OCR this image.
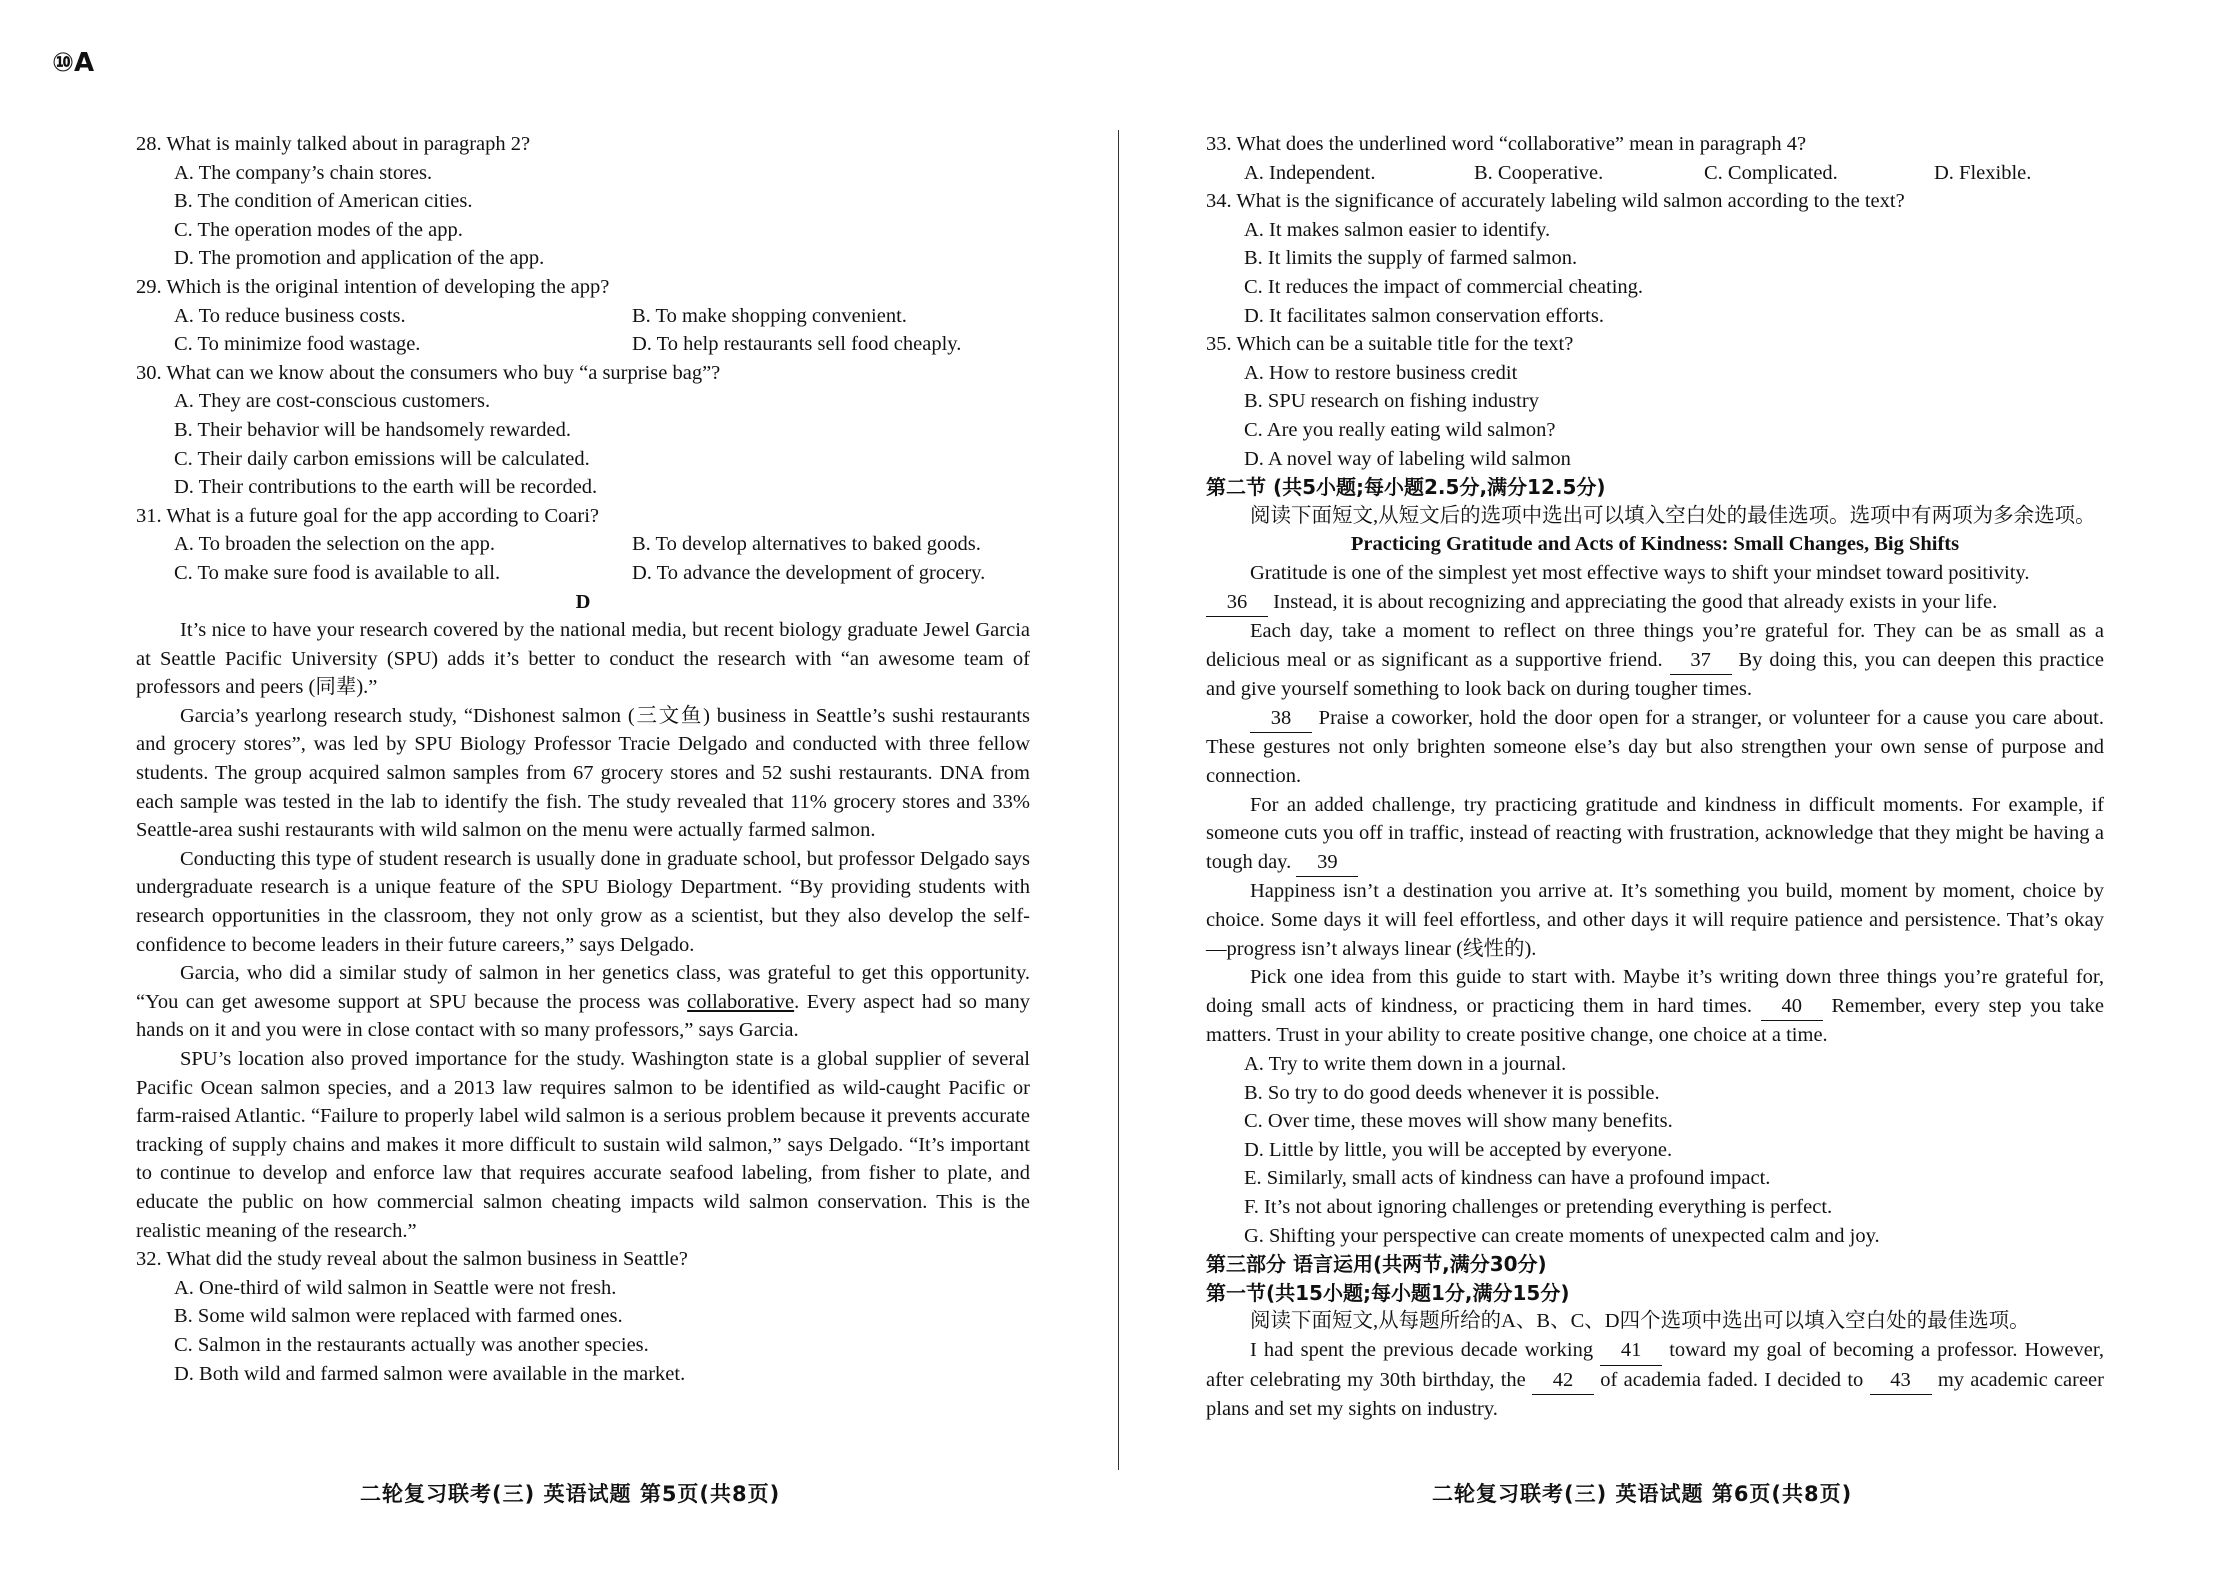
⑩A

28. What is mainly talked about in paragraph 2?

A. The company’s chain stores.

B. The condition of American cities.

C. The operation modes of the app.

D. The promotion and application of the app.

29. Which is the original intention of developing the app?

A. To reduce business costs.	B. To make shopping convenient.
C. To minimize food wastage.	D. To help restaurants sell food cheaply.

30. What can we know about the consumers who buy “a surprise bag”?

A. They are cost-conscious customers.

B. Their behavior will be handsomely rewarded.

C. Their daily carbon emissions will be calculated.

D. Their contributions to the earth will be recorded.

31. What is a future goal for the app according to Coari?

A. To broaden the selection on the app.	B. To develop alternatives to baked goods.
C. To make sure food is available to all.	D. To advance the development of grocery.

D

It’s nice to have your research covered by the national media, but recent biology graduate Jewel Garcia at Seattle Pacific University (SPU) adds it’s better to conduct the research with “an awesome team of professors and peers (同辈).”

Garcia’s yearlong research study, “Dishonest salmon (三文鱼) business in Seattle’s sushi restaurants and grocery stores”, was led by SPU Biology Professor Tracie Delgado and conducted with three fellow students. The group acquired salmon samples from 67 grocery stores and 52 sushi restaurants. DNA from each sample was tested in the lab to identify the fish. The study revealed that 11% grocery stores and 33% Seattle-area sushi restaurants with wild salmon on the menu were actually farmed salmon.

Conducting this type of student research is usually done in graduate school, but professor Delgado says undergraduate research is a unique feature of the SPU Biology Department. “By providing students with research opportunities in the classroom, they not only grow as a scientist, but they also develop the self-confidence to become leaders in their future careers,” says Delgado.

Garcia, who did a similar study of salmon in her genetics class, was grateful to get this opportunity. “You can get awesome support at SPU because the process was collaborative. Every aspect had so many hands on it and you were in close contact with so many professors,” says Garcia.

SPU’s location also proved importance for the study. Washington state is a global supplier of several Pacific Ocean salmon species, and a 2013 law requires salmon to be identified as wild-caught Pacific or farm-raised Atlantic. “Failure to properly label wild salmon is a serious problem because it prevents accurate tracking of supply chains and makes it more difficult to sustain wild salmon,” says Delgado. “It’s important to continue to develop and enforce law that requires accurate seafood labeling, from fisher to plate, and educate the public on how commercial salmon cheating impacts wild salmon conservation. This is the realistic meaning of the research.”

32. What did the study reveal about the salmon business in Seattle?

A. One-third of wild salmon in Seattle were not fresh.

B. Some wild salmon were replaced with farmed ones.

C. Salmon in the restaurants actually was another species.

D. Both wild and farmed salmon were available in the market.

33. What does the underlined word “collaborative” mean in paragraph 4?

A. Independent.	B. Cooperative.	C. Complicated.	D. Flexible.

34. What is the significance of accurately labeling wild salmon according to the text?

A. It makes salmon easier to identify.

B. It limits the supply of farmed salmon.

C. It reduces the impact of commercial cheating.

D. It facilitates salmon conservation efforts.

35. Which can be a suitable title for the text?

A. How to restore business credit

B. SPU research on fishing industry

C. Are you really eating wild salmon?

D. A novel way of labeling wild salmon

第二节 (共5小题;每小题2.5分,满分12.5分)

阅读下面短文,从短文后的选项中选出可以填入空白处的最佳选项。选项中有两项为多余选项。

Practicing Gratitude and Acts of Kindness: Small Changes, Big Shifts

Gratitude is one of the simplest yet most effective ways to shift your mindset toward positivity.

36 Instead, it is about recognizing and appreciating the good that already exists in your life.

Each day, take a moment to reflect on three things you’re grateful for. They can be as small as a delicious meal or as significant as a supportive friend. 37 By doing this, you can deepen this practice and give yourself something to look back on during tougher times.

38 Praise a coworker, hold the door open for a stranger, or volunteer for a cause you care about. These gestures not only brighten someone else’s day but also strengthen your own sense of purpose and connection.

For an added challenge, try practicing gratitude and kindness in difficult moments. For example, if someone cuts you off in traffic, instead of reacting with frustration, acknowledge that they might be having a tough day. 39

Happiness isn’t a destination you arrive at. It’s something you build, moment by moment, choice by choice. Some days it will feel effortless, and other days it will require patience and persistence. That’s okay—progress isn’t always linear (线性的).

Pick one idea from this guide to start with. Maybe it’s writing down three things you’re grateful for, doing small acts of kindness, or practicing them in hard times. 40 Remember, every step you take matters. Trust in your ability to create positive change, one choice at a time.

A. Try to write them down in a journal.

B. So try to do good deeds whenever it is possible.

C. Over time, these moves will show many benefits.

D. Little by little, you will be accepted by everyone.

E. Similarly, small acts of kindness can have a profound impact.

F. It’s not about ignoring challenges or pretending everything is perfect.

G. Shifting your perspective can create moments of unexpected calm and joy.

第三部分 语言运用(共两节,满分30分)

第一节(共15小题;每小题1分,满分15分)

阅读下面短文,从每题所给的A、B、C、D四个选项中选出可以填入空白处的最佳选项。

I had spent the previous decade working 41 toward my goal of becoming a professor. However, after celebrating my 30th birthday, the 42 of academia faded. I decided to 43 my academic career plans and set my sights on industry.

二轮复习联考(三) 英语试题 第5页(共8页)	二轮复习联考(三) 英语试题 第6页(共8页)
